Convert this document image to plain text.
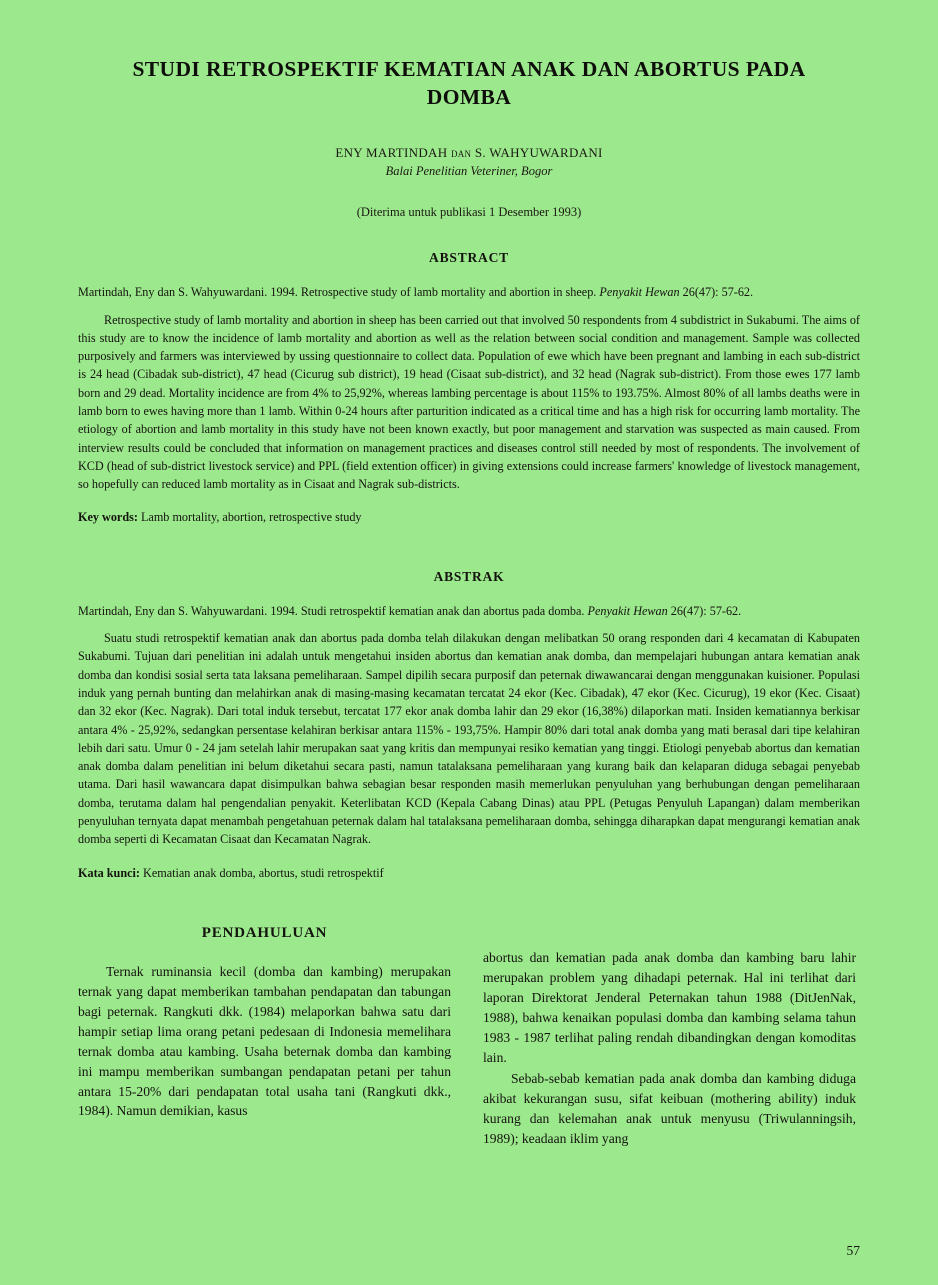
STUDI RETROSPEKTIF KEMATIAN ANAK DAN ABORTUS PADA DOMBA
ENY MARTINDAH dan S. WAHYUWARDANI
Balai Penelitian Veteriner, Bogor
(Diterima untuk publikasi 1 Desember 1993)
ABSTRACT
Martindah, Eny dan S. Wahyuwardani. 1994. Retrospective study of lamb mortality and abortion in sheep. Penyakit Hewan 26(47): 57-62.
Retrospective study of lamb mortality and abortion in sheep has been carried out that involved 50 respondents from 4 subdistrict in Sukabumi. The aims of this study are to know the incidence of lamb mortality and abortion as well as the relation between social condition and management. Sample was collected purposively and farmers was interviewed by ussing questionnaire to collect data. Population of ewe which have been pregnant and lambing in each sub-district is 24 head (Cibadak sub-district), 47 head (Cicurug sub district), 19 head (Cisaat sub-district), and 32 head (Nagrak sub-district). From those ewes 177 lamb born and 29 dead. Mortality incidence are from 4% to 25,92%, whereas lambing percentage is about 115% to 193.75%. Almost 80% of all lambs deaths were in lamb born to ewes having more than 1 lamb. Within 0-24 hours after parturition indicated as a critical time and has a high risk for occurring lamb mortality. The etiology of abortion and lamb mortality in this study have not been known exactly, but poor management and starvation was suspected as main caused. From interview results could be concluded that information on management practices and diseases control still needed by most of respondents. The involvement of KCD (head of sub-district livestock service) and PPL (field extention officer) in giving extensions could increase farmers' knowledge of livestock management, so hopefully can reduced lamb mortality as in Cisaat and Nagrak sub-districts.
Key words: Lamb mortality, abortion, retrospective study
ABSTRAK
Martindah, Eny dan S. Wahyuwardani. 1994. Studi retrospektif kematian anak dan abortus pada domba. Penyakit Hewan 26(47): 57-62.
Suatu studi retrospektif kematian anak dan abortus pada domba telah dilakukan dengan melibatkan 50 orang responden dari 4 kecamatan di Kabupaten Sukabumi. Tujuan dari penelitian ini adalah untuk mengetahui insiden abortus dan kematian anak domba, dan mempelajari hubungan antara kematian anak domba dan kondisi sosial serta tata laksana pemeliharaan. Sampel dipilih secara purposif dan peternak diwawancarai dengan menggunakan kuisioner. Populasi induk yang pernah bunting dan melahirkan anak di masing-masing kecamatan tercatat 24 ekor (Kec. Cibadak), 47 ekor (Kec. Cicurug), 19 ekor (Kec. Cisaat) dan 32 ekor (Kec. Nagrak). Dari total induk tersebut, tercatat 177 ekor anak domba lahir dan 29 ekor (16,38%) dilaporkan mati. Insiden kematiannya berkisar antara 4% - 25,92%, sedangkan persentase kelahiran berkisar antara 115% - 193,75%. Hampir 80% dari total anak domba yang mati berasal dari tipe kelahiran lebih dari satu. Umur 0 - 24 jam setelah lahir merupakan saat yang kritis dan mempunyai resiko kematian yang tinggi. Etiologi penyebab abortus dan kematian anak domba dalam penelitian ini belum diketahui secara pasti, namun tatalaksana pemeliharaan yang kurang baik dan kelaparan diduga sebagai penyebab utama. Dari hasil wawancara dapat disimpulkan bahwa sebagian besar responden masih memerlukan penyuluhan yang berhubungan dengan pemeliharaan domba, terutama dalam hal pengendalian penyakit. Keterlibatan KCD (Kepala Cabang Dinas) atau PPL (Petugas Penyuluh Lapangan) dalam memberikan penyuluhan ternyata dapat menambah pengetahuan peternak dalam hal tatalaksana pemeliharaan domba, sehingga diharapkan dapat mengurangi kematian anak domba seperti di Kecamatan Cisaat dan Kecamatan Nagrak.
Kata kunci: Kematian anak domba, abortus, studi retrospektif
PENDAHULUAN

Ternak ruminansia kecil (domba dan kambing) merupakan ternak yang dapat memberikan tambahan pendapatan dan tabungan bagi peternak. Rangkuti dkk. (1984) melaporkan bahwa satu dari hampir setiap lima orang petani pedesaan di Indonesia memelihara ternak domba atau kambing. Usaha beternak domba dan kambing ini mampu memberikan sumbangan pendapatan petani per tahun antara 15-20% dari pendapatan total usaha tani (Rangkuti dkk., 1984). Namun demikian, kasus

abortus dan kematian pada anak domba dan kambing baru lahir merupakan problem yang dihadapi peternak. Hal ini terlihat dari laporan Direktorat Jenderal Peternakan tahun 1988 (DitJenNak, 1988), bahwa kenaikan populasi domba dan kambing selama tahun 1983 - 1987 terlihat paling rendah dibandingkan dengan komoditas lain.

Sebab-sebab kematian pada anak domba dan kambing diduga akibat kekurangan susu, sifat keibuan (mothering ability) induk kurang dan kelemahan anak untuk menyusu (Triwulanningsih, 1989); keadaan iklim yang

57
